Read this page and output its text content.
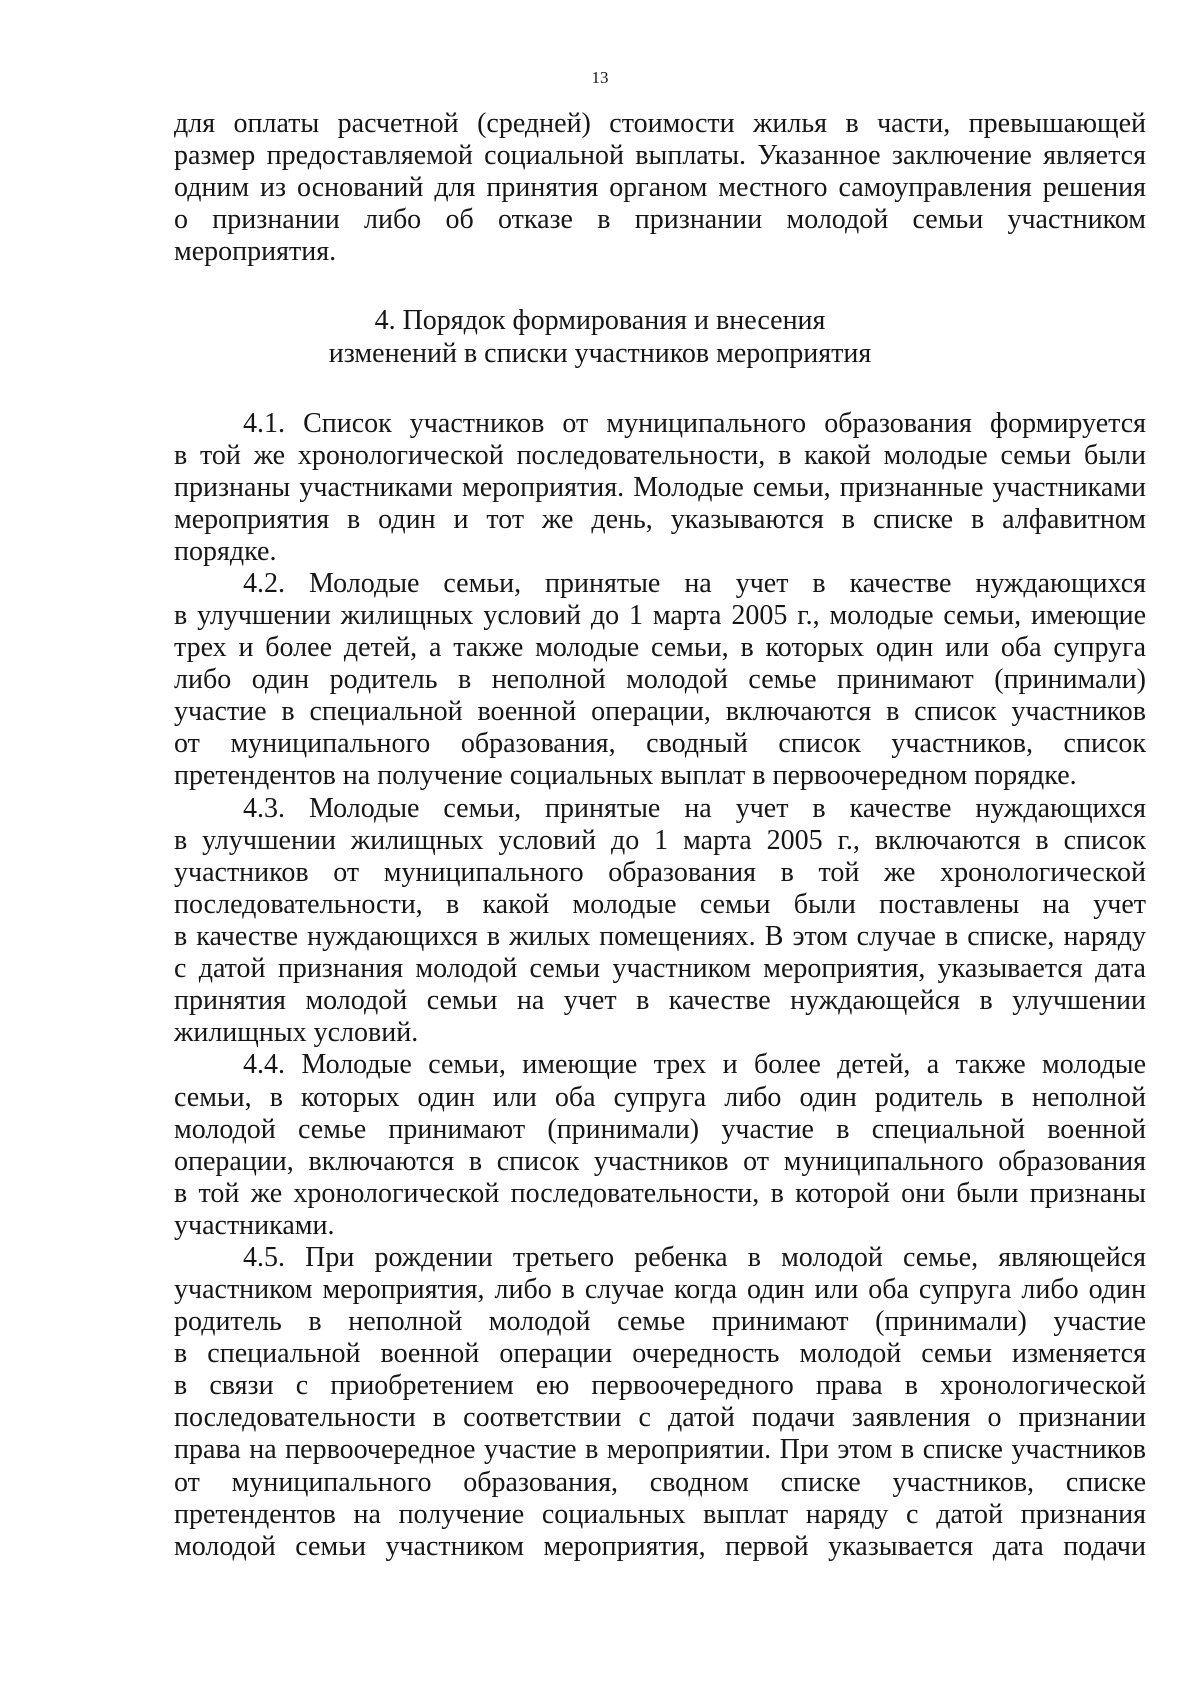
13
для оплаты расчетной (средней) стоимости жилья в части, превышающей
размер предоставляемой социальной выплаты. Указанное заключение является
одним из оснований для принятия органом местного самоуправления решения
о признании либо об отказе в признании молодой семьи участником
мероприятия.
4. Порядок формирования и внесения
изменений в списки участников мероприятия
4.1. Список участников от муниципального образования формируется
в той же хронологической последовательности, в какой молодые семьи были
признаны участниками мероприятия. Молодые семьи, признанные участниками
мероприятия в один и тот же день, указываются в списке в алфавитном
порядке.
4.2. Молодые семьи, принятые на учет в качестве нуждающихся
в улучшении жилищных условий до 1 марта 2005 г., молодые семьи, имеющие
трех и более детей, а также молодые семьи, в которых один или оба супруга
либо один родитель в неполной молодой семье принимают (принимали)
участие в специальной военной операции, включаются в список участников
от муниципального образования, сводный список участников, список
претендентов на получение социальных выплат в первоочередном порядке.
4.3. Молодые семьи, принятые на учет в качестве нуждающихся
в улучшении жилищных условий до 1 марта 2005 г., включаются в список
участников от муниципального образования в той же хронологической
последовательности, в какой молодые семьи были поставлены на учет
в качестве нуждающихся в жилых помещениях. В этом случае в списке, наряду
с датой признания молодой семьи участником мероприятия, указывается дата
принятия молодой семьи на учет в качестве нуждающейся в улучшении
жилищных условий.
4.4. Молодые семьи, имеющие трех и более детей, а также молодые
семьи, в которых один или оба супруга либо один родитель в неполной
молодой семье принимают (принимали) участие в специальной военной
операции, включаются в список участников от муниципального образования
в той же хронологической последовательности, в которой они были признаны
участниками.
4.5. При рождении третьего ребенка в молодой семье, являющейся
участником мероприятия, либо в случае когда один или оба супруга либо один
родитель в неполной молодой семье принимают (принимали) участие
в специальной военной операции очередность молодой семьи изменяется
в связи с приобретением ею первоочередного права в хронологической
последовательности в соответствии с датой подачи заявления о признании
права на первоочередное участие в мероприятии. При этом в списке участников
от муниципального образования, сводном списке участников, списке
претендентов на получение социальных выплат наряду с датой признания
молодой семьи участником мероприятия, первой указывается дата подачи
